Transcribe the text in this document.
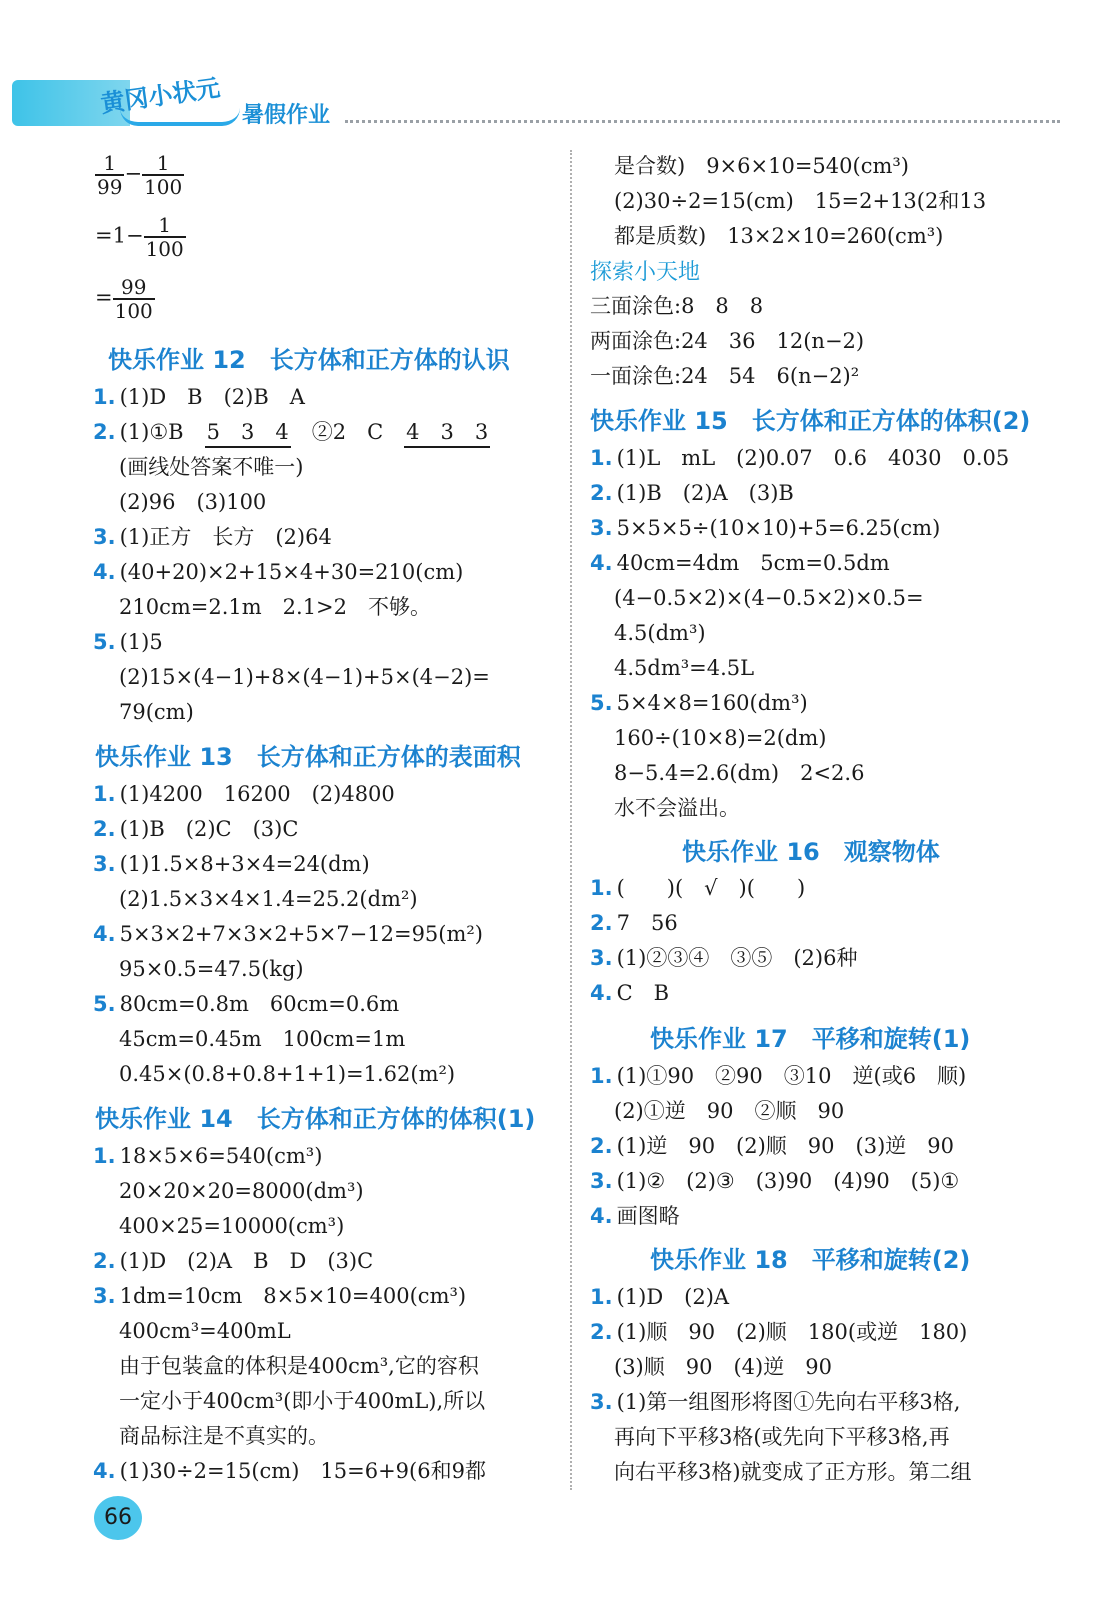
黄冈小状元 暑假作业
$\frac{1}{99} - \frac{1}{100}$
$=1- \frac{1}{100}$
= $\frac{99}{100}$
快乐作业 12　长方体和正方体的认识
1. (1)D　B　(2)B　A
2. (1)①B　5　3　4　②2　C　4　3　3
(画线处答案不唯一)
(2)96　(3)100
3. (1)正方　长方　(2)64
4. (40+20)×2+15×4+30=210(cm)
210cm=2.1m　2.1>2　不够。
5. (1)5
(2)15×(4−1)+8×(4−1)+5×(4−2)=
79(cm)
快乐作业 13　长方体和正方体的表面积
1. (1)4200　16200　(2)4800
2. (1)B　(2)C　(3)C
3. (1)1.5×8+3×4=24(dm)
(2)1.5×3×4×1.4=25.2(dm²)
4. 5×3×2+7×3×2+5×7−12=95(m²)
95×0.5=47.5(kg)
5. 80cm=0.8m　60cm=0.6m
45cm=0.45m　100cm=1m
0.45×(0.8+0.8+1+1)=1.62(m²)
快乐作业 14　长方体和正方体的体积(1)
1. 18×5×6=540(cm³)
20×20×20=8000(dm³)
400×25=10000(cm³)
2. (1)D　(2)A　B　D　(3)C
3. 1dm=10cm　8×5×10=400(cm³)
400cm³=400mL
由于包装盒的体积是400cm³,它的容积
一定小于400cm³(即小于400mL),所以
商品标注是不真实的。
4. (1)30÷2=15(cm)　15=6+9(6和9都
是合数)　9×6×10=540(cm³)
(2)30÷2=15(cm)　15=2+13(2和13
都是质数)　13×2×10=260(cm³)
探索小天地
三面涂色:8　8　8
两面涂色:24　36　12(n−2)
一面涂色:24　54　6(n−2)²
快乐作业 15　长方体和正方体的体积(2)
1. (1)L　mL　(2)0.07　0.6　4030　0.05
2. (1)B　(2)A　(3)B
3. 5×5×5÷(10×10)+5=6.25(cm)
4. 40cm=4dm　5cm=0.5dm
(4−0.5×2)×(4−0.5×2)×0.5=
4.5(dm³)
4.5dm³=4.5L
5. 5×4×8=160(dm³)
160÷(10×8)=2(dm)
8−5.4=2.6(dm)　2<2.6
水不会溢出。
快乐作业 16　观察物体
1. (　　)(　√　)(　　)
2. 7　56
3. (1)②③④　③⑤　(2)6种
4. C　B
快乐作业 17　平移和旋转(1)
1. (1)①90　②90　③10　逆(或6　顺)
(2)①逆　90　②顺　90
2. (1)逆　90　(2)顺　90　(3)逆　90
3. (1)②　(2)③　(3)90　(4)90　(5)①
4. 画图略
快乐作业 18　平移和旋转(2)
1. (1)D　(2)A
2. (1)顺　90　(2)顺　180(或逆　180)
(3)顺　90　(4)逆　90
3. (1)第一组图形将图①先向右平移3格,
再向下平移3格(或先向下平移3格,再
向右平移3格)就变成了正方形。第二组
66
